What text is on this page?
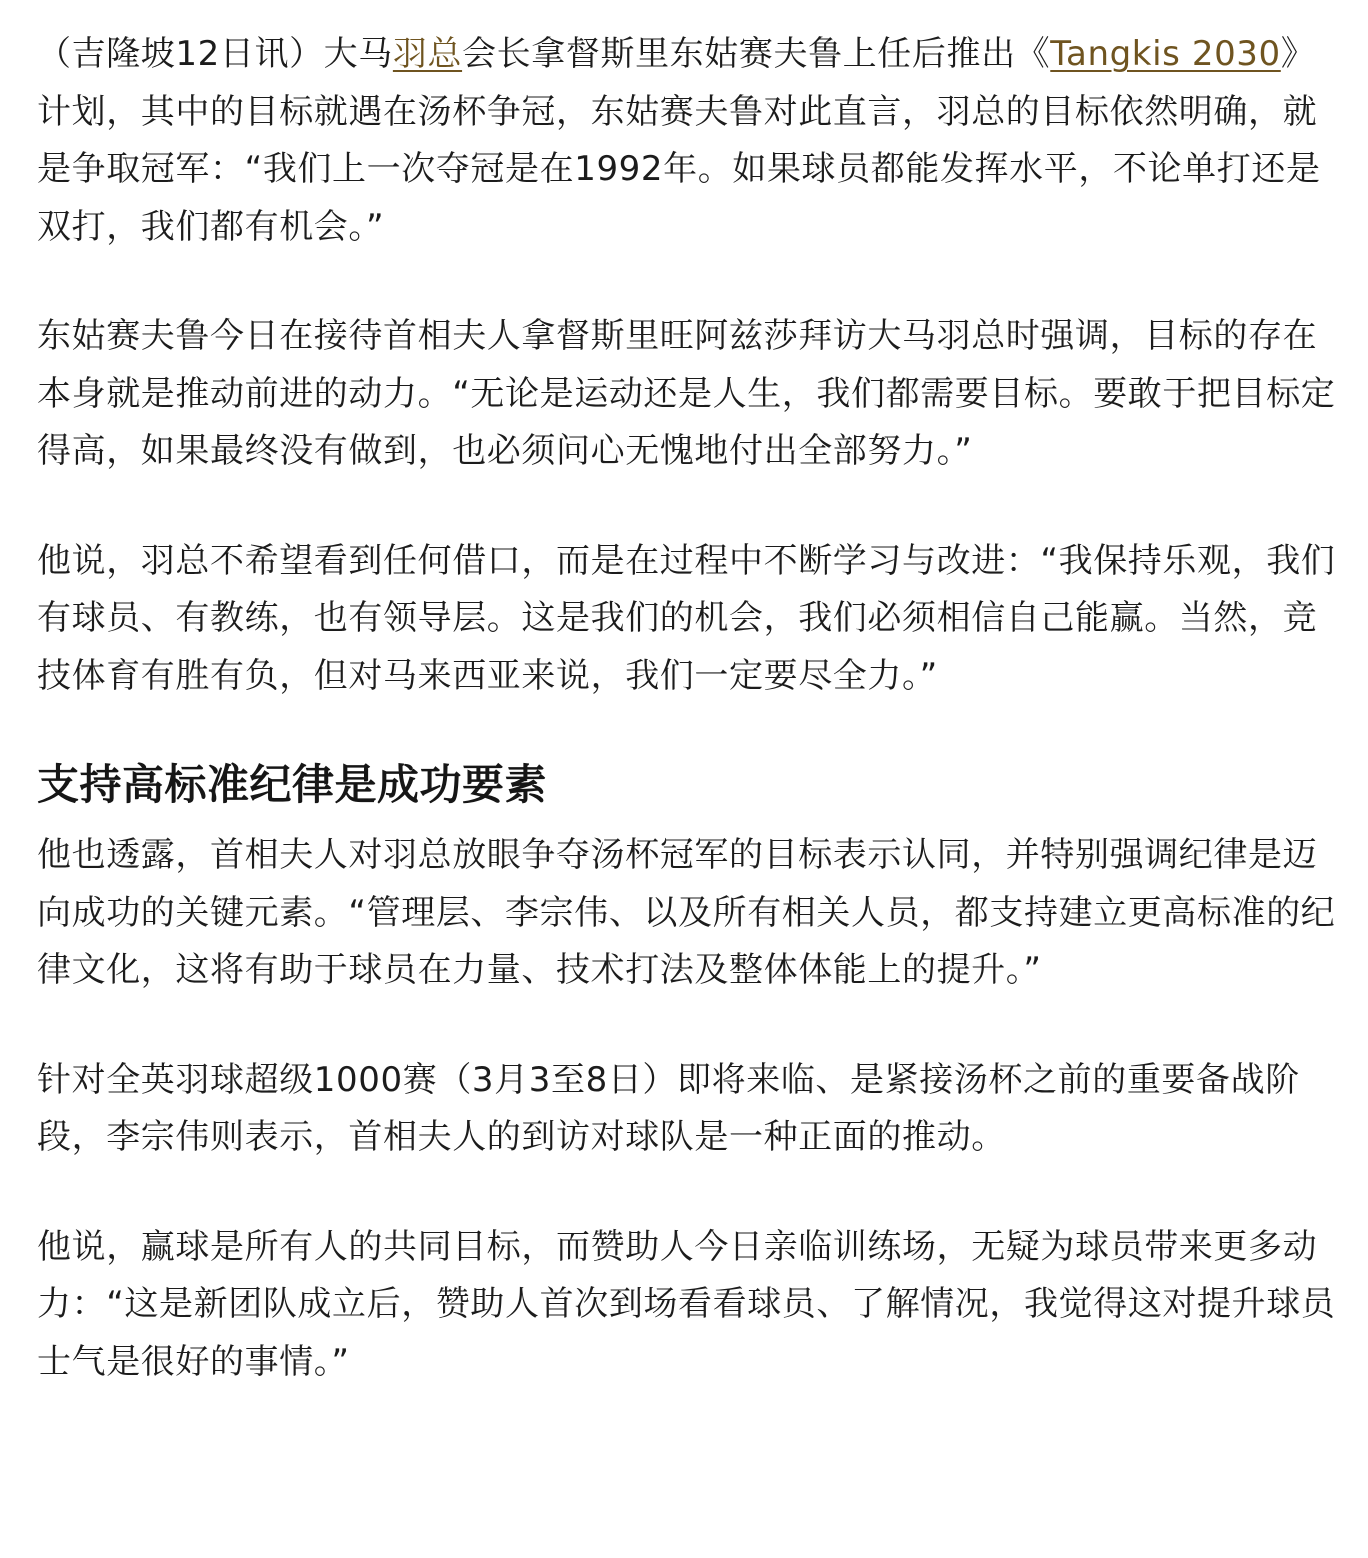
（吉隆坡12日讯）大马羽总会长拿督斯里东姑赛夫鲁上任后推出《Tangkis 2030》计划，其中的目标就遇在汤杯争冠，东姑赛夫鲁对此直言，羽总的目标依然明确，就是争取冠军：“我们上一次夺冠是在1992年。如果球员都能发挥水平，不论单打还是双打，我们都有机会。”

东姑赛夫鲁今日在接待首相夫人拿督斯里旺阿兹莎拜访大马羽总时强调，目标的存在本身就是推动前进的动力。“无论是运动还是人生，我们都需要目标。要敢于把目标定得高，如果最终没有做到，也必须问心无愧地付出全部努力。”

他说，羽总不希望看到任何借口，而是在过程中不断学习与改进：“我保持乐观，我们有球员、有教练，也有领导层。这是我们的机会，我们必须相信自己能赢。当然，竞技体育有胜有负，但对马来西亚来说，我们一定要尽全力。”

支持高标准纪律是成功要素

他也透露，首相夫人对羽总放眼争夺汤杯冠军的目标表示认同，并特别强调纪律是迈向成功的关键元素。“管理层、李宗伟、以及所有相关人员，都支持建立更高标准的纪律文化，这将有助于球员在力量、技术打法及整体体能上的提升。”

针对全英羽球超级1000赛（3月3至8日）即将来临、是紧接汤杯之前的重要备战阶段，李宗伟则表示，首相夫人的到访对球队是一种正面的推动。

他说，赢球是所有人的共同目标，而赞助人今日亲临训练场，无疑为球员带来更多动力：“这是新团队成立后，赞助人首次到场看看球员、了解情况，我觉得这对提升球员士气是很好的事情。”
